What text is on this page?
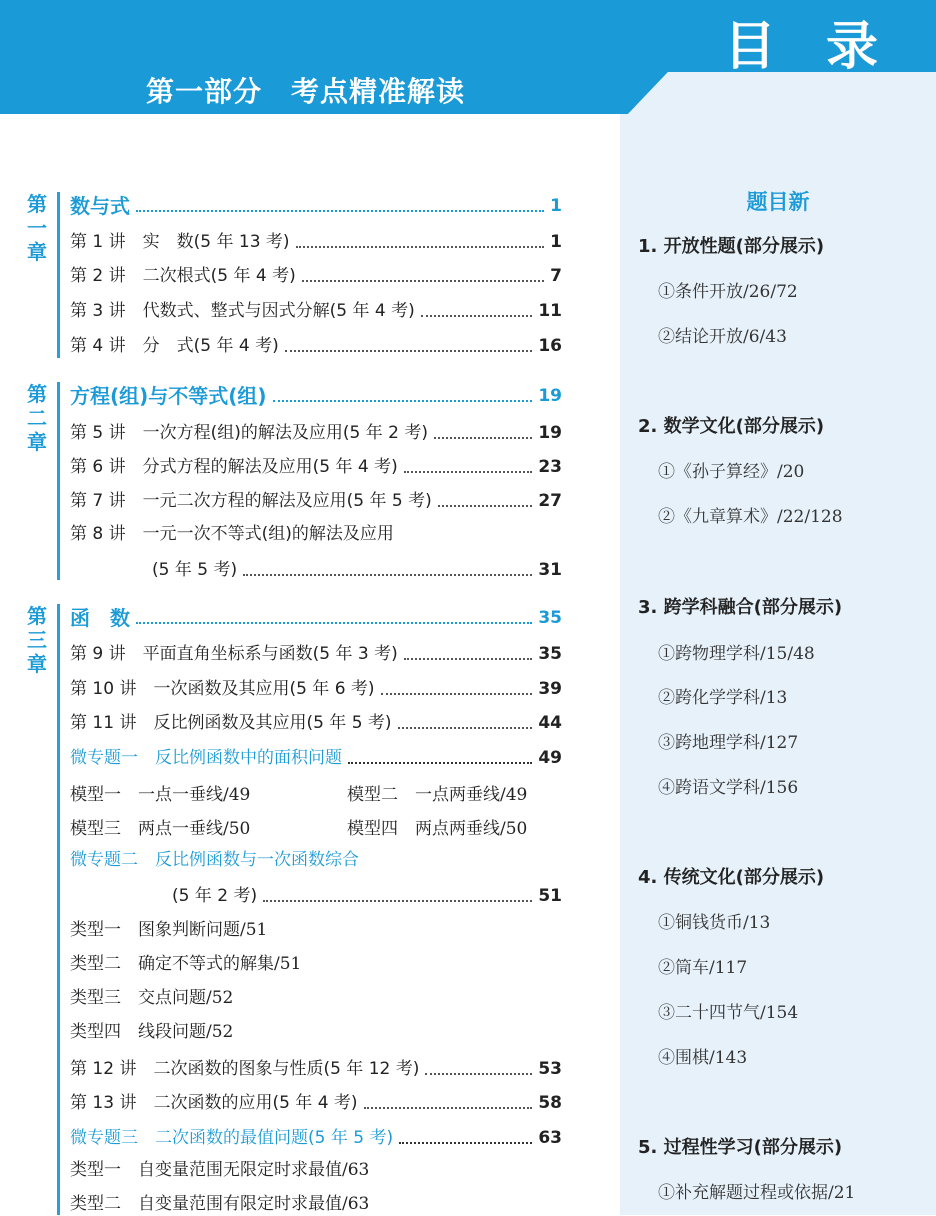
目 录
第一部分　考点精准解读
第一章
第二章
第三章
数与式	1
第 1 讲　实　数(5 年 13 考)	1
第 2 讲　二次根式(5 年 4 考)	7
第 3 讲　代数式、整式与因式分解(5 年 4 考)	11
第 4 讲　分　式(5 年 4 考)	16
方程(组)与不等式(组)	19
第 5 讲　一次方程(组)的解法及应用(5 年 2 考)	19
第 6 讲　分式方程的解法及应用(5 年 4 考)	23
第 7 讲　一元二次方程的解法及应用(5 年 5 考)	27
第 8 讲　一元一次不等式(组)的解法及应用
(5 年 5 考)	31
函　数	35
第 9 讲　平面直角坐标系与函数(5 年 3 考)	35
第 10 讲　一次函数及其应用(5 年 6 考)	39
第 11 讲　反比例函数及其应用(5 年 5 考)	44
微专题一　反比例函数中的面积问题	49
模型一　一点一垂线/49	模型二　一点两垂线/49
模型三　两点一垂线/50	模型四　两点两垂线/50
微专题二　反比例函数与一次函数综合
(5 年 2 考)	51
类型一　图象判断问题/51
类型二　确定不等式的解集/51
类型三　交点问题/52
类型四　线段问题/52
第 12 讲　二次函数的图象与性质(5 年 12 考)	53
第 13 讲　二次函数的应用(5 年 4 考)	58
微专题三　二次函数的最值问题(5 年 5 考)	63
类型一　自变量范围无限定时求最值/63
类型二　自变量范围有限定时求最值/63
题目新
1. 开放性题(部分展示)
①条件开放/26/72
②结论开放/6/43
2. 数学文化(部分展示)
①《孙子算经》/20
②《九章算术》/22/128
3. 跨学科融合(部分展示)
①跨物理学科/15/48
②跨化学学科/13
③跨地理学科/127
④跨语文学科/156
4. 传统文化(部分展示)
①铜钱货币/13
②筒车/117
③二十四节气/154
④围棋/143
5. 过程性学习(部分展示)
①补充解题过程或依据/21
